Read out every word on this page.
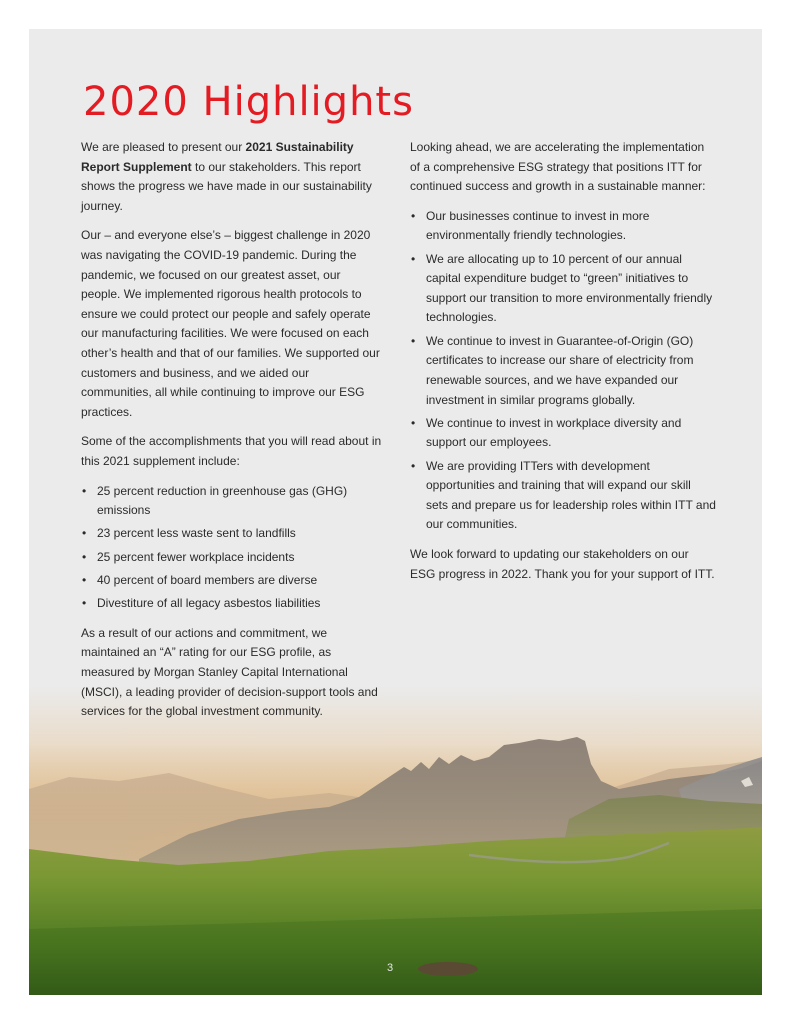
2020 Highlights

We are pleased to present our 2021 Sustainability Report Supplement to our stakeholders. This report shows the progress we have made in our sustainability journey.

Our – and everyone else’s – biggest challenge in 2020 was navigating the COVID-19 pandemic. During the pandemic, we focused on our greatest asset, our people. We implemented rigorous health protocols to ensure we could protect our people and safely operate our manufacturing facilities. We were focused on each other’s health and that of our families. We supported our customers and business, and we aided our communities, all while continuing to improve our ESG practices.

Some of the accomplishments that you will read about in this 2021 supplement include:

• 25 percent reduction in greenhouse gas (GHG) emissions
• 23 percent less waste sent to landfills
• 25 percent fewer workplace incidents
• 40 percent of board members are diverse
• Divestiture of all legacy asbestos liabilities

As a result of our actions and commitment, we maintained an “A” rating for our ESG profile, as measured by Morgan Stanley Capital International (MSCI), a leading provider of decision-support tools and services for the global investment community.

Looking ahead, we are accelerating the implementation of a comprehensive ESG strategy that positions ITT for continued success and growth in a sustainable manner:

• Our businesses continue to invest in more environmentally friendly technologies.
• We are allocating up to 10 percent of our annual capital expenditure budget to “green” initiatives to support our transition to more environmentally friendly technologies.
• We continue to invest in Guarantee-of-Origin (GO) certificates to increase our share of electricity from renewable sources, and we have expanded our investment in similar programs globally.
• We continue to invest in workplace diversity and support our employees.
• We are providing ITTers with development opportunities and training that will expand our skill sets and prepare us for leadership roles within ITT and our communities.

We look forward to updating our stakeholders on our ESG progress in 2022. Thank you for your support of ITT.

3
